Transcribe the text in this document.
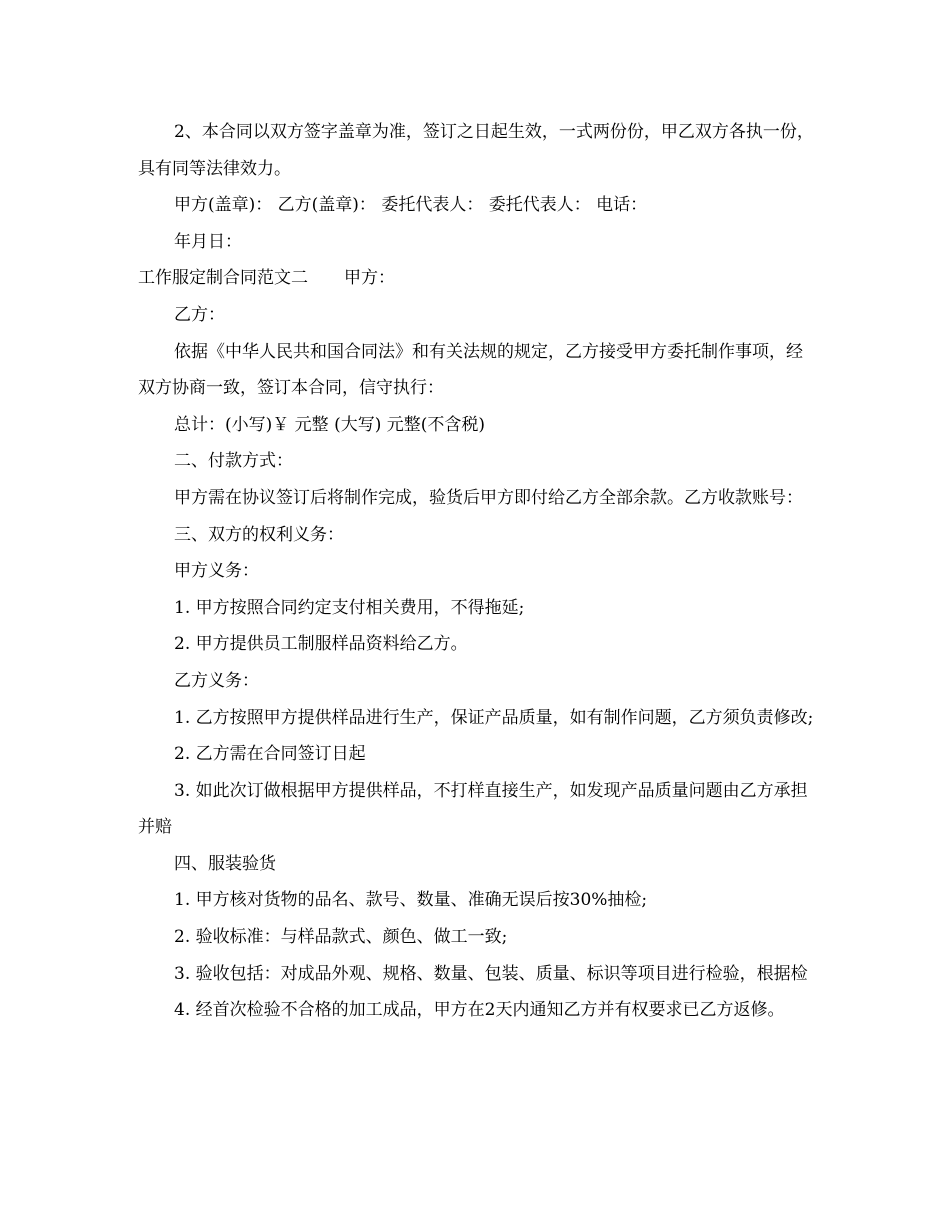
2、本合同以双方签字盖章为准，签订之日起生效，一式两份份，甲乙双方各执一份，具有同等法律效力。

甲方(盖章)： 乙方(盖章)： 委托代表人： 委托代表人： 电话：

年月日：

工作服定制合同范文二 甲方：

乙方：

依据《中华人民共和国合同法》和有关法规的规定，乙方接受甲方委托制作事项，经双方协商一致，签订本合同，信守执行：

总计：(小写)￥ 元整 (大写) 元整(不含税)

二、付款方式：

甲方需在协议签订后将制作完成，验货后甲方即付给乙方全部余款。乙方收款账号：

三、双方的权利义务：

甲方义务：

1. 甲方按照合同约定支付相关费用，不得拖延;

2. 甲方提供员工制服样品资料给乙方。

乙方义务：

1. 乙方按照甲方提供样品进行生产，保证产品质量，如有制作问题，乙方须负责修改;

2. 乙方需在合同签订日起

3. 如此次订做根据甲方提供样品，不打样直接生产，如发现产品质量问题由乙方承担并赔

四、服装验货

1. 甲方核对货物的品名、款号、数量、准确无误后按30%抽检;

2. 验收标准：与样品款式、颜色、做工一致;

3. 验收包括：对成品外观、规格、数量、包装、质量、标识等项目进行检验，根据检

4. 经首次检验不合格的加工成品，甲方在2天内通知乙方并有权要求已乙方返修。
